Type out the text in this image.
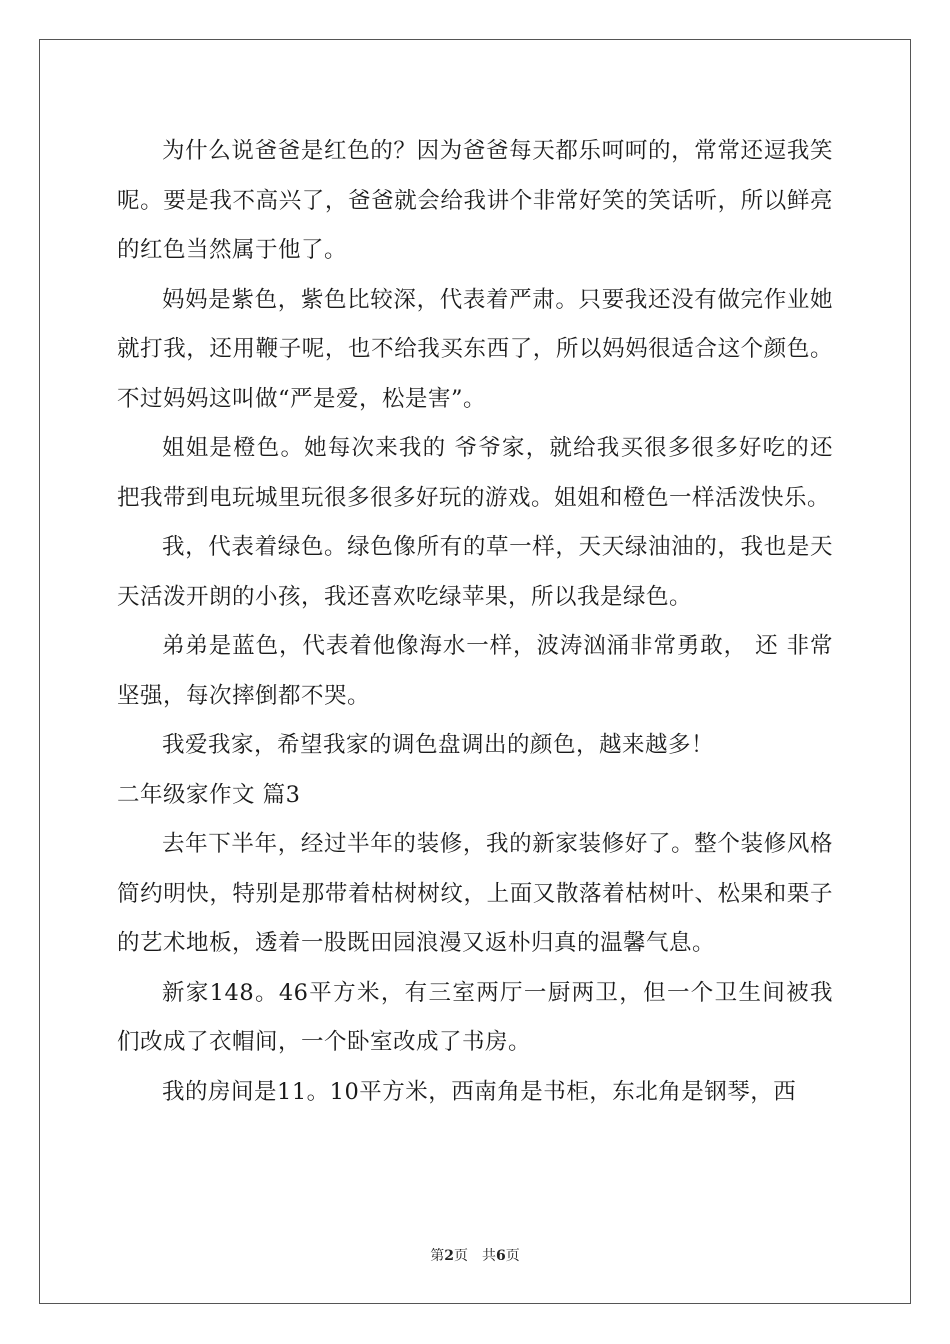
为什么说爸爸是红色的？因为爸爸每天都乐呵呵的，常常还逗我笑呢。要是我不高兴了，爸爸就会给我讲个非常好笑的笑话听，所以鲜亮的红色当然属于他了。

妈妈是紫色，紫色比较深，代表着严肃。只要我还没有做完作业她就打我，还用鞭子呢，也不给我买东西了，所以妈妈很适合这个颜色。不过妈妈这叫做“严是爱，松是害”。

姐姐是橙色。她每次来我的 爷爷家，就给我买很多很多好吃的还把我带到电玩城里玩很多很多好玩的游戏。姐姐和橙色一样活泼快乐。

我，代表着绿色。绿色像所有的草一样，天天绿油油的，我也是天天活泼开朗的小孩，我还喜欢吃绿苹果，所以我是绿色。

弟弟是蓝色，代表着他像海水一样，波涛汹涌非常勇敢， 还 非常坚强，每次摔倒都不哭。

我爱我家，希望我家的调色盘调出的颜色，越来越多！

二年级家作文 篇3

去年下半年，经过半年的装修，我的新家装修好了。整个装修风格简约明快，特别是那带着枯树树纹，上面又散落着枯树叶、松果和栗子的艺术地板，透着一股既田园浪漫又返朴归真的温馨气息。

新家148。46平方米，有三室两厅一厨两卫，但一个卫生间被我们改成了衣帽间，一个卧室改成了书房。

我的房间是11。10平方米，西南角是书柜，东北角是钢琴，西

第2页 共6页
